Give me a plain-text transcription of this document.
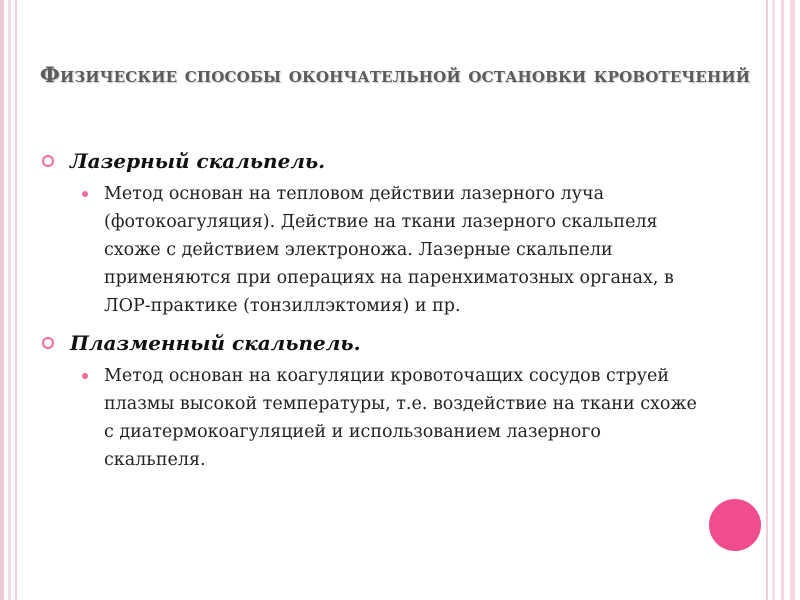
Физические способы окончательной остановки кровотечений
Лазерный скальпель.
Метод основан на тепловом действии лазерного луча (фотокоагуляция). Действие на ткани лазерного скальпеля схоже с действием электроножа. Лазерные скальпели применяются при операциях на паренхиматозных органах, в ЛОР-практике (тонзиллэктомия) и пр.
Плазменный скальпель.
Метод основан на коагуляции кровоточащих сосудов струей плазмы высокой температуры, т.е. воздействие на ткани схоже с диатермокоагуляцией и использованием лазерного скальпеля.
